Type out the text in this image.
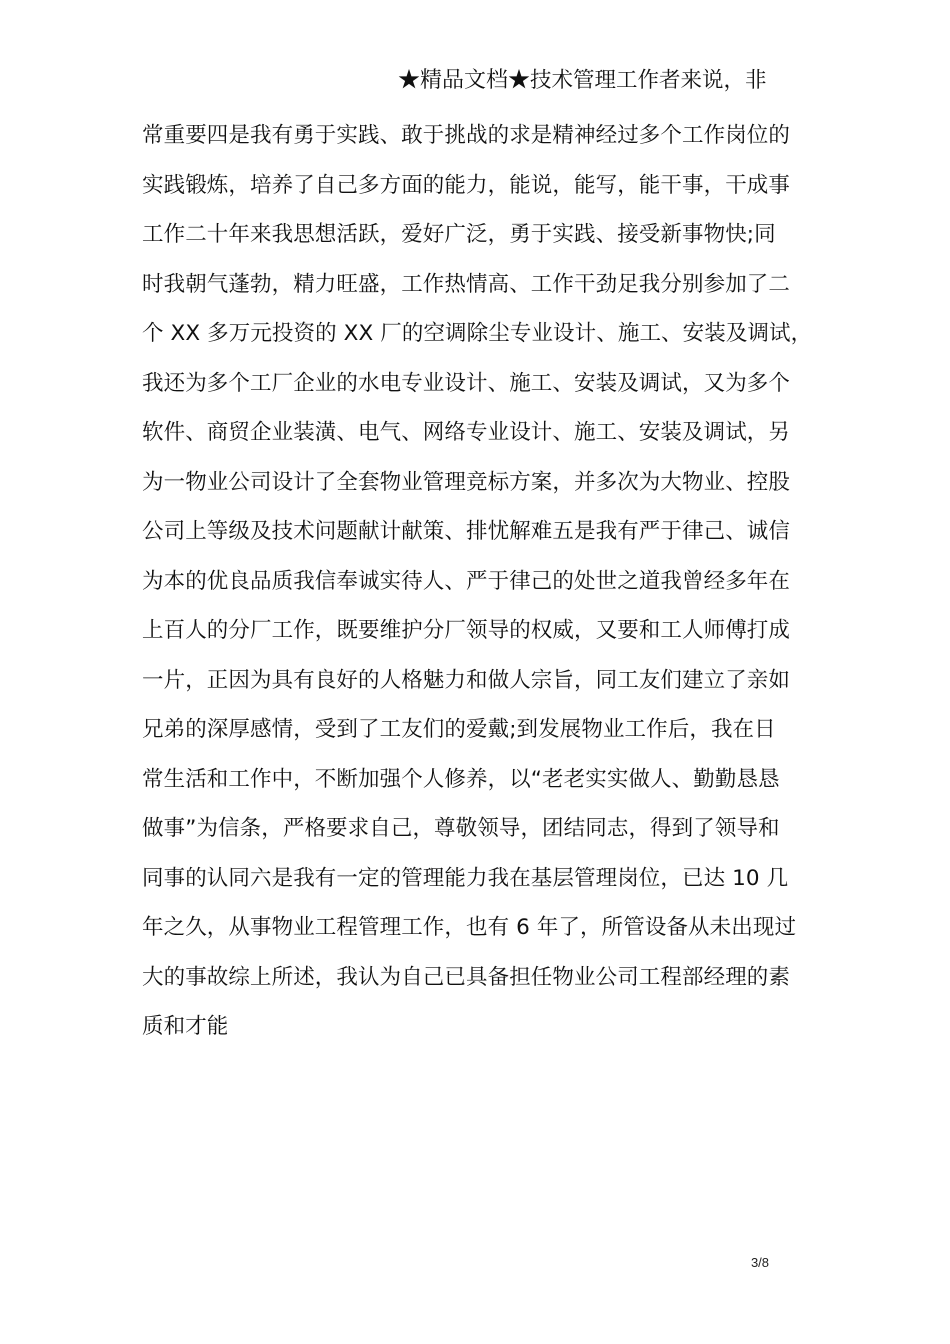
★精品文档★技术管理工作者来说，非
常重要四是我有勇于实践、敢于挑战的求是精神经过多个工作岗位的
实践锻炼，培养了自己多方面的能力，能说，能写，能干事，干成事
工作二十年来我思想活跃，爱好广泛，勇于实践、接受新事物快;同
时我朝气蓬勃，精力旺盛，工作热情高、工作干劲足我分别参加了二
个 XX 多万元投资的 XX 厂的空调除尘专业设计、施工、安装及调试，
我还为多个工厂企业的水电专业设计、施工、安装及调试，又为多个
软件、商贸企业装潢、电气、网络专业设计、施工、安装及调试，另
为一物业公司设计了全套物业管理竞标方案，并多次为大物业、控股
公司上等级及技术问题献计献策、排忧解难五是我有严于律己、诚信
为本的优良品质我信奉诚实待人、严于律己的处世之道我曾经多年在
上百人的分厂工作，既要维护分厂领导的权威，又要和工人师傅打成
一片，正因为具有良好的人格魅力和做人宗旨，同工友们建立了亲如
兄弟的深厚感情，受到了工友们的爱戴;到发展物业工作后，我在日
常生活和工作中，不断加强个人修养，以“老老实实做人、勤勤恳恳
做事”为信条，严格要求自己，尊敬领导，团结同志，得到了领导和
同事的认同六是我有一定的管理能力我在基层管理岗位，已达 10 几
年之久，从事物业工程管理工作，也有 6 年了，所管设备从未出现过
大的事故综上所述，我认为自己已具备担任物业公司工程部经理的素
质和才能
3/8
